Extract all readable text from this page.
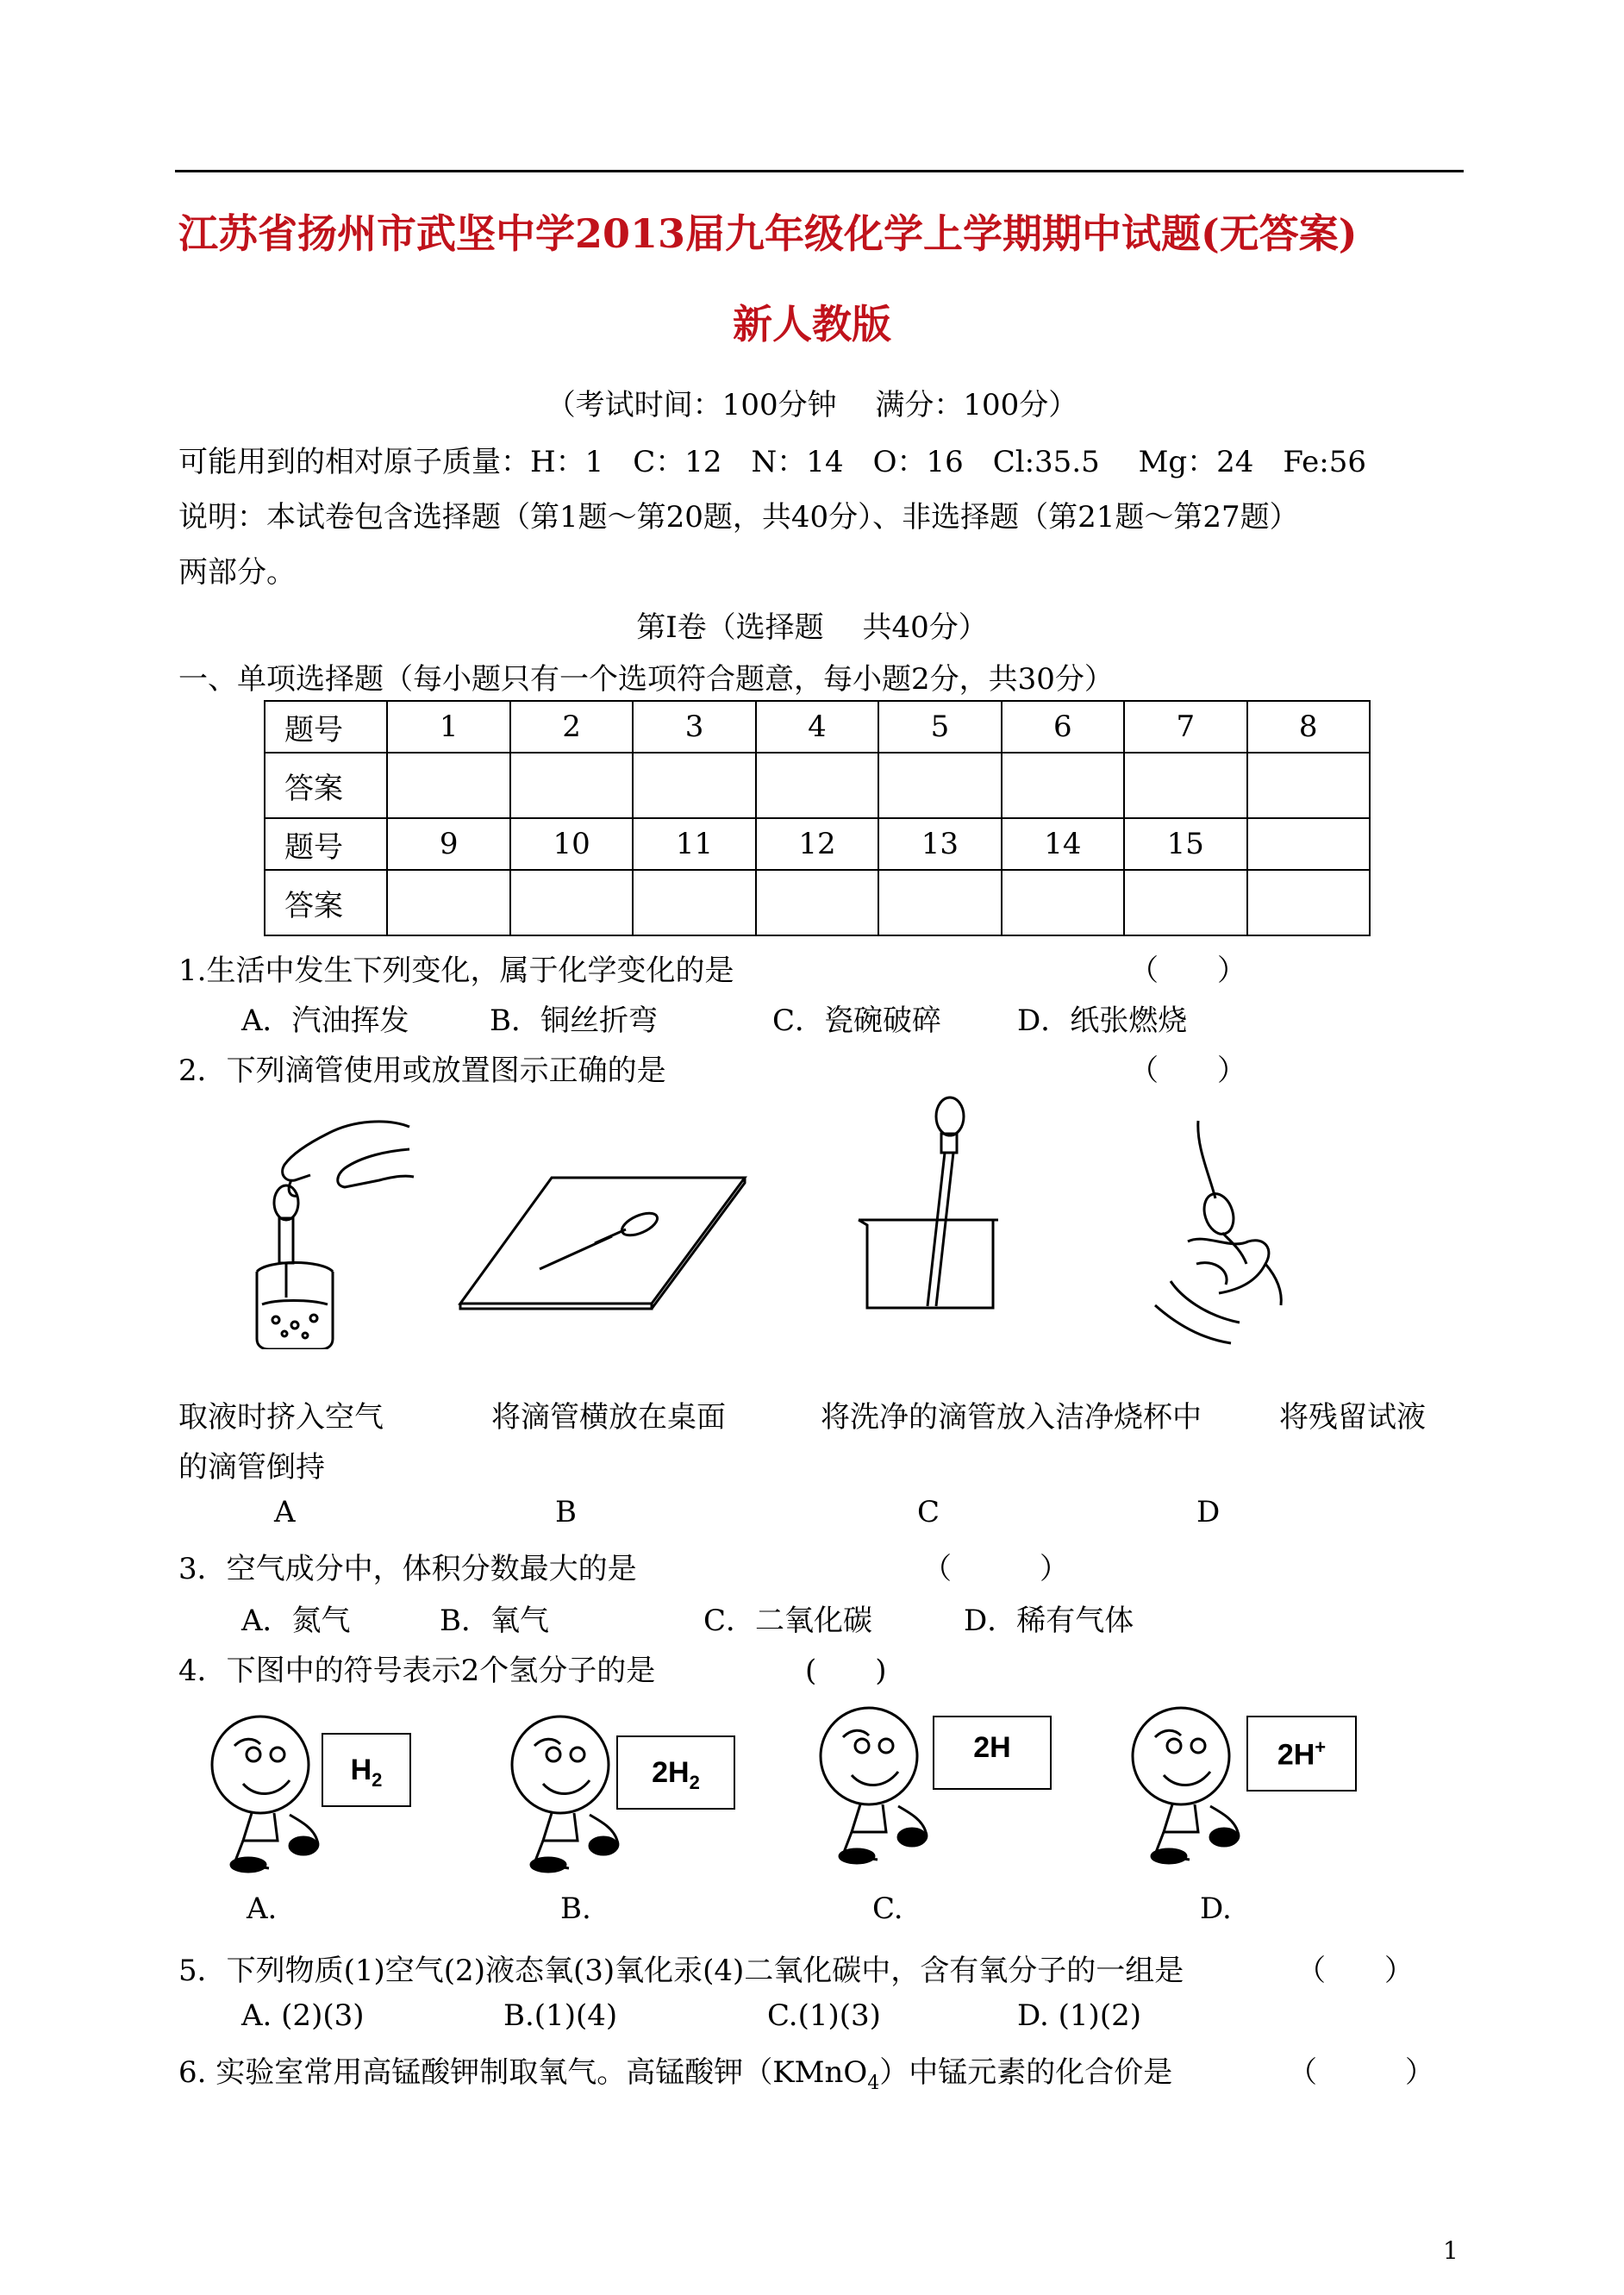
江苏省扬州市武坚中学2013届九年级化学上学期期中试题(无答案)
新人教版
（考试时间：100分钟　 满分：100分）
可能用到的相对原子质量：H：1　C：12　N：14　O：16　Cl:35.5　 Mg：24　Fe:56
说明：本试卷包含选择题（第1题～第20题，共40分）、非选择题（第21题～第27题）
两部分。
第Ⅰ卷（选择题　 共40分）
一、单项选择题（每小题只有一个选项符合题意，每小题2分，共30分）
题号	1	2	3	4	5	6	7	8
答案								
题号	9	10	11	12	13	14	15	
答案								
1.生活中发生下列变化，属于化学变化的是	（　　）
A．汽油挥发	B．铜丝折弯	C．瓷碗破碎	D．纸张燃烧
2．下列滴管使用或放置图示正确的是	（　　）
取液时挤入空气	将滴管横放在桌面	将洗净的滴管放入洁净烧杯中	将残留试液
的滴管倒持
A	B	C	D
3．空气成分中，体积分数最大的是	（　　　）
A．氮气	B．氧气	C．二氧化碳	D．稀有气体
4．下图中的符号表示2个氢分子的是	(　　)
$H_2$	$2H_2$
2H	2H+
A.	B.	C.	D.
5．下列物质(1)空气(2)液态氧(3)氧化汞(4)二氧化碳中，含有氧分子的一组是	（　　）
A. (2)(3)	B.(1)(4)	C.(1)(3)	D. (1)(2)
6. 实验室常用高锰酸钾制取氧气。高锰酸钾（KMnO$_4$）中锰元素的化合价是	（　　　）
1
